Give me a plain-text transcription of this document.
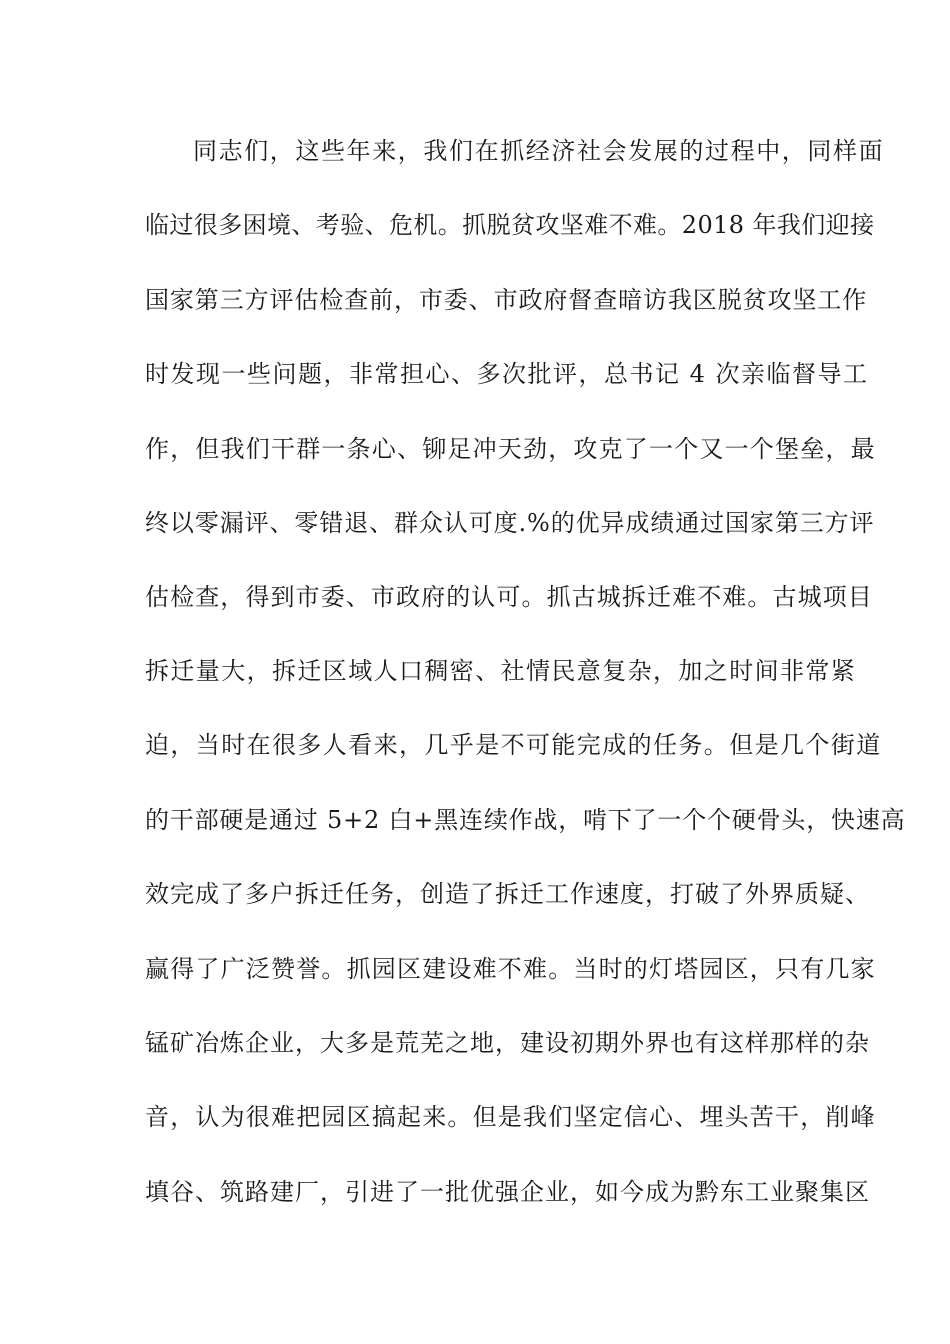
同志们，这些年来，我们在抓经济社会发展的过程中，同样面
临过很多困境、考验、危机。抓脱贫攻坚难不难。2018 年我们迎接
国家第三方评估检查前，市委、市政府督查暗访我区脱贫攻坚工作
时发现一些问题，非常担心、多次批评，总书记 4 次亲临督导工
作，但我们干群一条心、铆足冲天劲，攻克了一个又一个堡垒，最
终以零漏评、零错退、群众认可度.%的优异成绩通过国家第三方评
估检查，得到市委、市政府的认可。抓古城拆迁难不难。古城项目
拆迁量大，拆迁区域人口稠密、社情民意复杂，加之时间非常紧
迫，当时在很多人看来，几乎是不可能完成的任务。但是几个街道
的干部硬是通过 5+2 白+黑连续作战，啃下了一个个硬骨头，快速高
效完成了多户拆迁任务，创造了拆迁工作速度，打破了外界质疑、
赢得了广泛赞誉。抓园区建设难不难。当时的灯塔园区，只有几家
锰矿冶炼企业，大多是荒芜之地，建设初期外界也有这样那样的杂
音，认为很难把园区搞起来。但是我们坚定信心、埋头苦干，削峰
填谷、筑路建厂，引进了一批优强企业，如今成为黔东工业聚集区
